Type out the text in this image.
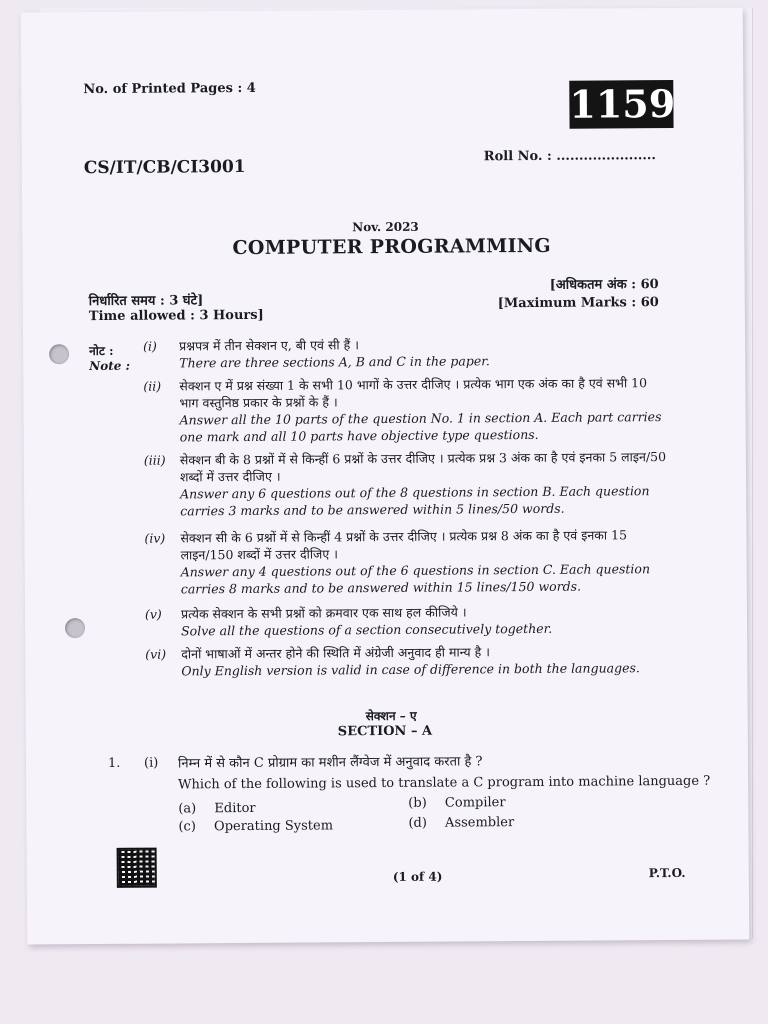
No. of Printed Pages : 4	1159
CS/IT/CB/CI3001
Roll No. : ......................
Nov. 2023
COMPUTER PROGRAMMING
निर्धारित समय : 3 घंटे]
Time allowed : 3 Hours]
[अधिकतम अंक : 60
[Maximum Marks : 60
नोट :
Note :
(i) प्रश्नपत्र में तीन सेक्शन ए, बी एवं सी हैं ।
There are three sections A, B and C in the paper.
(ii) सेक्शन ए में प्रश्न संख्या 1 के सभी 10 भागों के उत्तर दीजिए । प्रत्येक भाग एक अंक का है एवं सभी 10 भाग वस्तुनिष्ठ प्रकार के प्रश्नों के हैं ।
Answer all the 10 parts of the question No. 1 in section A. Each part carries one mark and all 10 parts have objective type questions.
(iii) सेक्शन बी के 8 प्रश्नों में से किन्हीं 6 प्रश्नों के उत्तर दीजिए । प्रत्येक प्रश्न 3 अंक का है एवं इनका 5 लाइन/50 शब्दों में उत्तर दीजिए ।
Answer any 6 questions out of the 8 questions in section B. Each question carries 3 marks and to be answered within 5 lines/50 words.
(iv) सेक्शन सी के 6 प्रश्नों में से किन्हीं 4 प्रश्नों के उत्तर दीजिए । प्रत्येक प्रश्न 8 अंक का है एवं इनका 15 लाइन/150 शब्दों में उत्तर दीजिए ।
Answer any 4 questions out of the 6 questions in section C. Each question carries 8 marks and to be answered within 15 lines/150 words.
(v) प्रत्येक सेक्शन के सभी प्रश्नों को क्रमवार एक साथ हल कीजिये ।
Solve all the questions of a section consecutively together.
(vi) दोनों भाषाओं में अन्तर होने की स्थिति में अंग्रेजी अनुवाद ही मान्य है ।
Only English version is valid in case of difference in both the languages.
सेक्शन – ए
SECTION – A
1. (i) निम्न में से कौन C प्रोग्राम का मशीन लैंग्वेज में अनुवाद करता है ?
Which of the following is used to translate a C program into machine language ?
(a) Editor	(b) Compiler
(c) Operating System	(d) Assembler
(1 of 4)	P.T.O.
